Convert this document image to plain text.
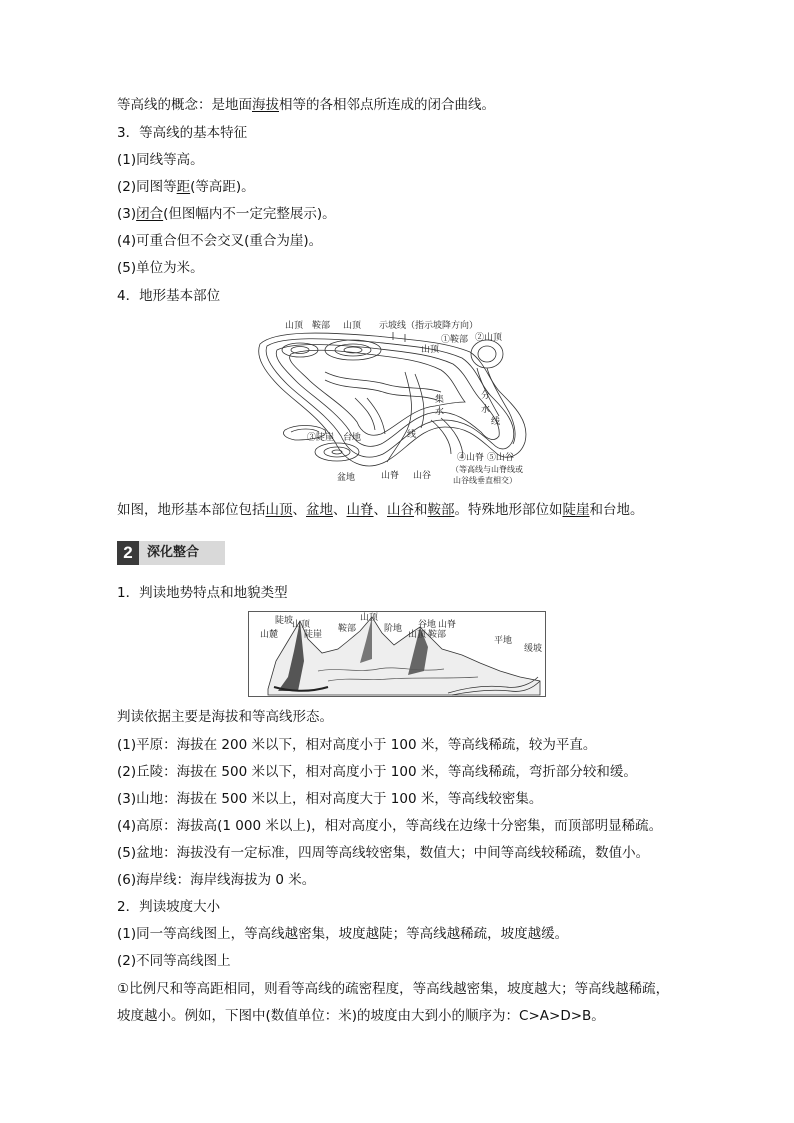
等高线的概念：是地面海拔相等的各相邻点所连成的闭合曲线。
3．等高线的基本特征
(1)同线等高。
(2)同图等距(等高距)。
(3)闭合(但图幅内不一定完整展示)。
(4)可重合但不会交叉(重合为崖)。
(5)单位为米。
4．地形基本部位
山顶 鞍部 山顶 示坡线（指示坡降方向）
山顶
①鞍部 ②山顶
集
水
线
分
水
线
③陡崖 台地
盆地	山脊 山谷
④山脊 ⑤山谷
（等高线与山脊线或
山谷线垂直相交）
如图，地形基本部位包括山顶、盆地、山脊、山谷和鞍部。特殊地形部位如陡崖和台地。
2	深化整合
1．判读地势特点和地貌类型
陡坡
山顶
山麓	陡崖
鞍部
山顶
阶地 谷地
山顶 鞍部
山脊
平地
缓坡
判读依据主要是海拔和等高线形态。
(1)平原：海拔在 200 米以下，相对高度小于 100 米，等高线稀疏，较为平直。
(2)丘陵：海拔在 500 米以下，相对高度小于 100 米，等高线稀疏，弯折部分较和缓。
(3)山地：海拔在 500 米以上，相对高度大于 100 米，等高线较密集。
(4)高原：海拔高(1 000 米以上)，相对高度小，等高线在边缘十分密集，而顶部明显稀疏。
(5)盆地：海拔没有一定标准，四周等高线较密集，数值大；中间等高线较稀疏，数值小。
(6)海岸线：海岸线海拔为 0 米。
2．判读坡度大小
(1)同一等高线图上，等高线越密集，坡度越陡；等高线越稀疏，坡度越缓。
(2)不同等高线图上
①比例尺和等高距相同，则看等高线的疏密程度，等高线越密集，坡度越大；等高线越稀疏，
坡度越小。例如，下图中(数值单位：米)的坡度由大到小的顺序为：C>A>D>B。
